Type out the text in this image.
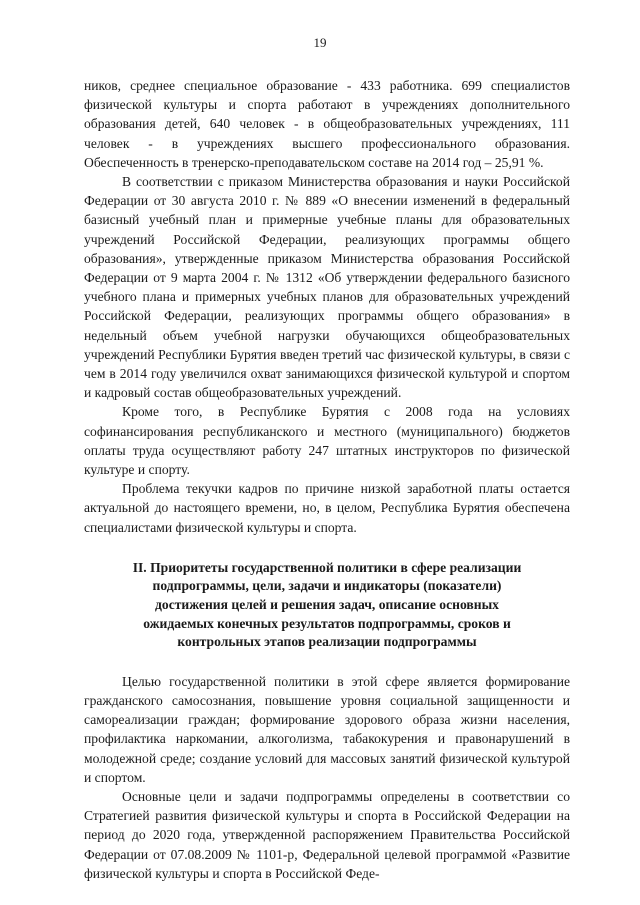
19

ников, среднее специальное образование - 433 работника. 699 специалистов физической культуры и спорта работают в учреждениях дополнительного образования детей, 640 человек - в общеобразовательных учреждениях, 111 человек - в учреждениях высшего профессионального образования. Обеспеченность в тренерско-преподавательском составе на 2014 год – 25,91 %.

В соответствии с приказом Министерства образования и науки Российской Федерации от 30 августа 2010 г. № 889 «О внесении изменений в федеральный базисный учебный план и примерные учебные планы для образовательных учреждений Российской Федерации, реализующих программы общего образования», утвержденные приказом Министерства образования Российской Федерации от 9 марта 2004 г. № 1312 «Об утверждении федерального базисного учебного плана и примерных учебных планов для образовательных учреждений Российской Федерации, реализующих программы общего образования» в недельный объем учебной нагрузки обучающихся общеобразовательных учреждений Республики Бурятия введен третий час физической культуры, в связи с чем в 2014 году увеличился охват занимающихся физической культурой и спортом и кадровый состав общеобразовательных учреждений.

Кроме того, в Республике Бурятия с 2008 года на условиях софинансирования республиканского и местного (муниципального) бюджетов оплаты труда осуществляют работу 247 штатных инструкторов по физической культуре и спорту.

Проблема текучки кадров по причине низкой заработной платы остается актуальной до настоящего времени, но, в целом, Республика Бурятия обеспечена специалистами физической культуры и спорта.

II. Приоритеты государственной политики в сфере реализации
подпрограммы, цели, задачи и индикаторы (показатели)
достижения целей и решения задач, описание основных
ожидаемых конечных результатов подпрограммы, сроков и
контрольных этапов реализации подпрограммы

Целью государственной политики в этой сфере является формирование гражданского самосознания, повышение уровня социальной защищенности и самореализации граждан; формирование здорового образа жизни населения, профилактика наркомании, алкоголизма, табакокурения и правонарушений в молодежной среде; создание условий для массовых занятий физической культурой и спортом.

Основные цели и задачи подпрограммы определены в соответствии со Стратегией развития физической культуры и спорта в Российской Федерации на период до 2020 года, утвержденной распоряжением Правительства Российской Федерации от 07.08.2009 № 1101-р, Федеральной целевой программой «Развитие физической культуры и спорта в Российской Феде-
